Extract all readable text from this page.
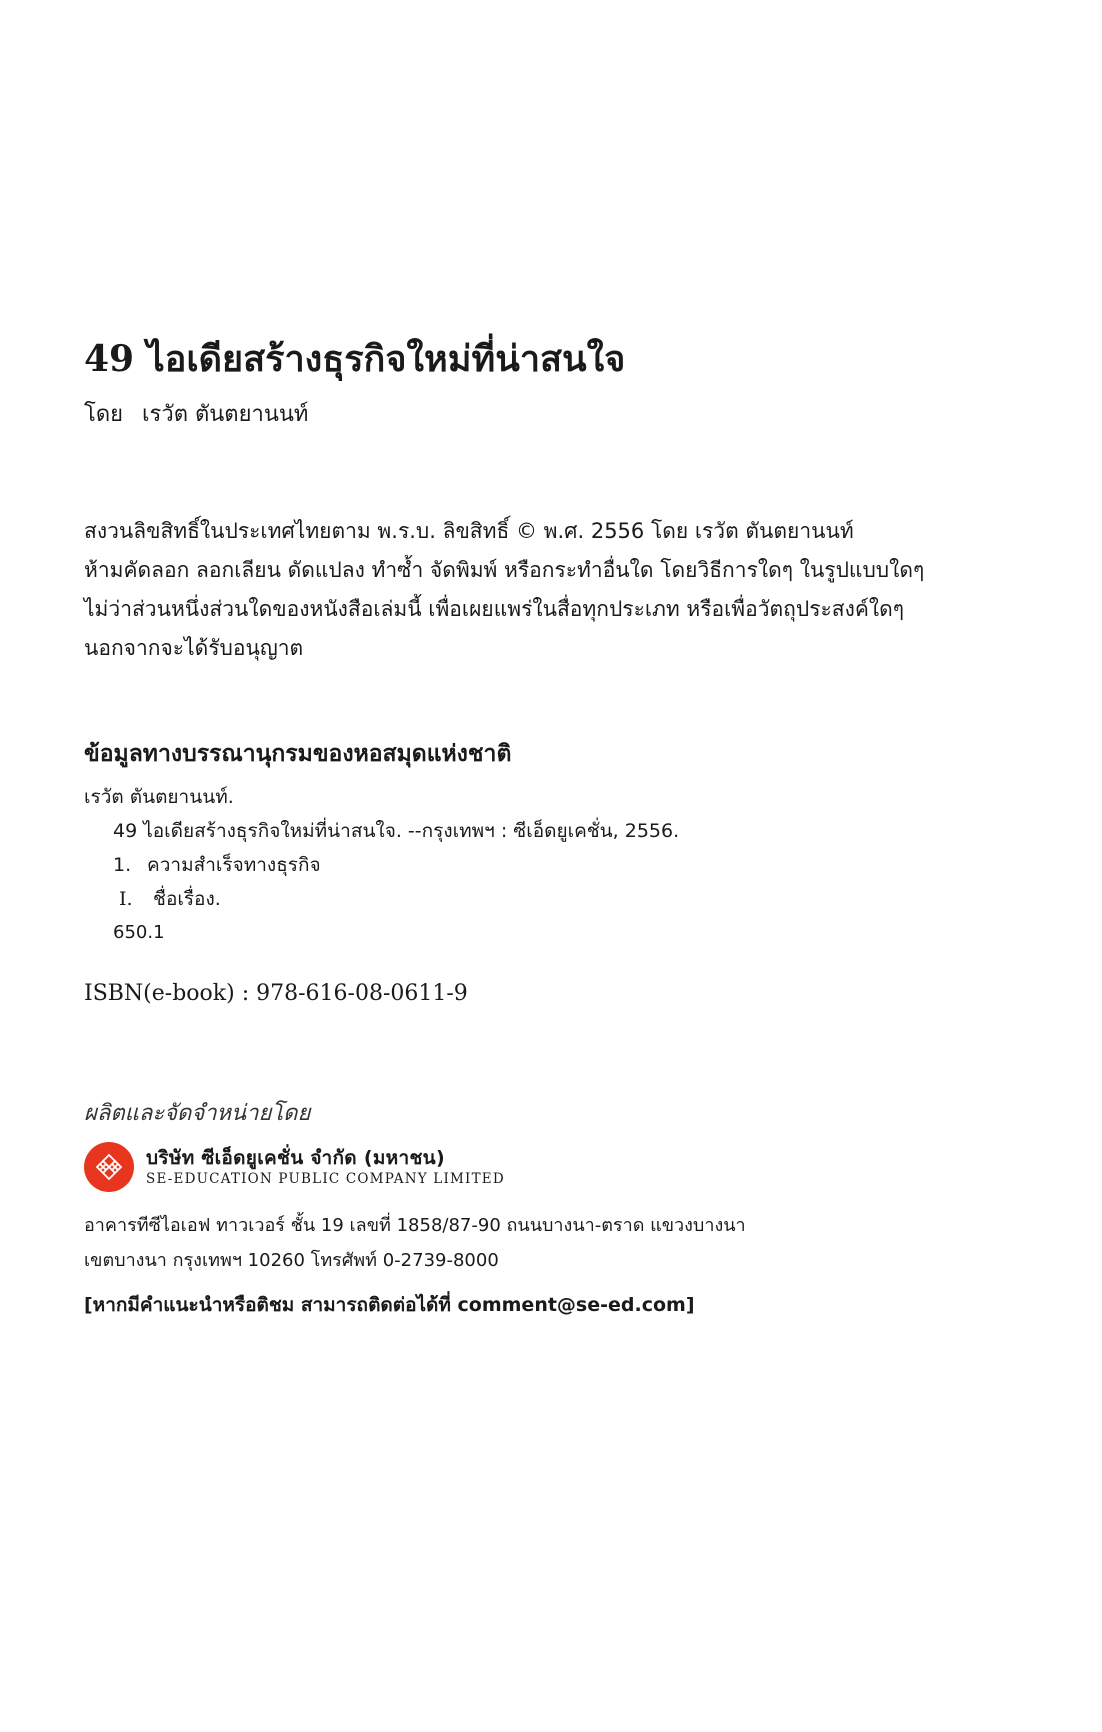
49 ไอเดียสร้างธุรกิจใหม่ที่น่าสนใจ
โดย เรวัต ตันตยานนท์
สงวนลิขสิทธิ์ในประเทศไทยตาม พ.ร.บ. ลิขสิทธิ์ © พ.ศ. 2556 โดย เรวัต ตันตยานนท์
ห้ามคัดลอก ลอกเลียน ดัดแปลง ทำซ้ำ จัดพิมพ์ หรือกระทำอื่นใด โดยวิธีการใดๆ ในรูปแบบใดๆ
ไม่ว่าส่วนหนึ่งส่วนใดของหนังสือเล่มนี้ เพื่อเผยแพร่ในสื่อทุกประเภท หรือเพื่อวัตถุประสงค์ใดๆ
นอกจากจะได้รับอนุญาต
ข้อมูลทางบรรณานุกรมของหอสมุดแห่งชาติ
เรวัต ตันตยานนท์.
49 ไอเดียสร้างธุรกิจใหม่ที่น่าสนใจ. --กรุงเทพฯ : ซีเอ็ดยูเคชั่น, 2556.
1. ความสำเร็จทางธุรกิจ
I. ชื่อเรื่อง.
650.1
ISBN(e-book) : 978-616-08-0611-9
ผลิตและจัดจำหน่ายโดย
บริษัท ซีเอ็ดยูเคชั่น จำกัด (มหาชน)
SE-EDUCATION PUBLIC COMPANY LIMITED
อาคารทีซีไอเอฟ ทาวเวอร์ ชั้น 19 เลขที่ 1858/87-90 ถนนบางนา-ตราด แขวงบางนา
เขตบางนา กรุงเทพฯ 10260 โทรศัพท์ 0-2739-8000
[หากมีคำแนะนำหรือติชม สามารถติดต่อได้ที่ comment@se-ed.com]
